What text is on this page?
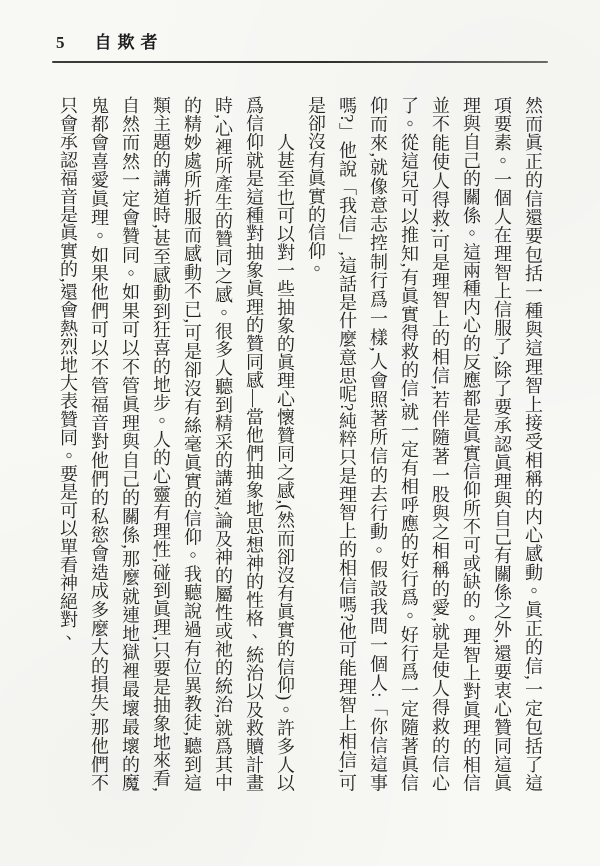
5 自欺者

然而眞正的信還要包括一種與這理智上接受相稱的内心感動。眞正的信,一定包括了這項要素。一個人在理智上信服了,除了要承認眞理與自己有關係之外,還要衷心贊同這眞理與自己的關係。這兩種内心的反應都是眞實信仰所不可或缺的。理智上對眞理的相信並不能使人得救;可是理智上的相信,若伴隨著一股與之相稱的愛,就是使人得救的信心了。從這兒可以推知,有眞實得救的信,就一定有相呼應的好行爲。好行爲一定隨著眞信仰而來,就像意志控制行爲一樣,人會照著所信的去行動。假設我問一個人:「你信這事嗎?」他說「我信」,這話是什麼意思呢?純粹只是理智上的相信嗎?他可能理智上相信,可是卻沒有眞實的信仰。

人甚至也可以對一些抽象的眞理心懷贊同之感,(然而卻沒有眞實的信仰)。許多人以爲信仰就是這種對抽象眞理的贊同感—當他們抽象地思想神的性格、統治以及救贖計畫時,心裡所產生的贊同之感。很多人聽到精采的講道,論及神的屬性或祂的統治,就爲其中的精妙處所折服而感動不已,可是卻沒有絲毫眞實的信仰。我聽說過有位異教徒,聽到這類主題的講道時,甚至感動到狂喜的地步。人的心靈有理性,碰到眞理,只要是抽象地來看,自然而然一定會贊同。如果可以不管眞理與自己的關係,那麼就連地獄裡最壞最壞的魔鬼都會喜愛眞理。如果他們可以不管福音對他們的私慾會造成多麼大的損失,那他們不只會承認福音是眞實的,還會熱烈地大表贊同。要是可以單看神絕對、
